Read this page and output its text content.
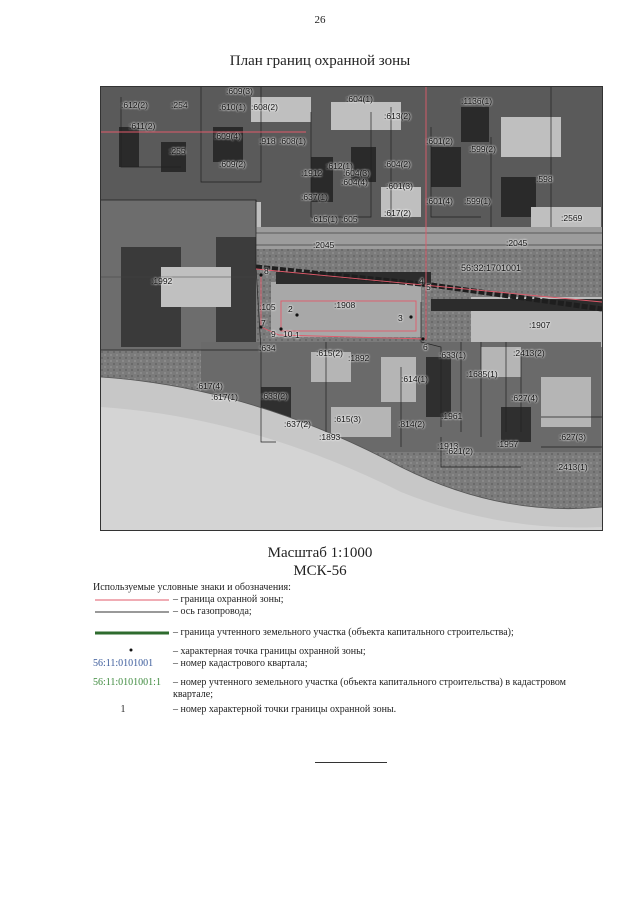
26
План границ охранной зоны
:612(2)	:254
:609(3)
:604(1)	:1136(1)
:611(2)
:610(1) :608(2)
:613(2)
:609(4) :918 :608(1)	:601(2)
:599(2)
:255
:609(2)	:612(1)	:604(2)
:598
:2569
:1912 :604(3)
:601(3)
:637(1)
:604(4)
:601(4) :599(1)
:615(1) :605
:617(2)
:2045	:2045
:1992
:105	:1908
:1907
:634	:615(2) :1892	:633(1)	:2413(2)
:617(4)
:617(1)
:614(1)	:1685(1)
:633(2)	:627(4)
:637(2)	:615(3)	:1961
:814(2)
:1893
:1913
:621(2)
:1957
:627(3)
:2413(1)
56:32:1701001
1
2
3
4
5
6
7
8
9 10
Масштаб 1:1000
МСК-56
Используемые условные знаки и обозначения:
– граница охранной зоны;
– ось газопровода;
– граница учтенного земельного участка (объекта капитального строительства);
– характерная точка границы охранной зоны;
56:11:0101001	– номер кадастрового квартала;
56:11:0101001:1	– номер учтенного земельного участка (объекта капитального строительства) в кадастровом квартале;
1	– номер характерной точки границы охранной зоны.
